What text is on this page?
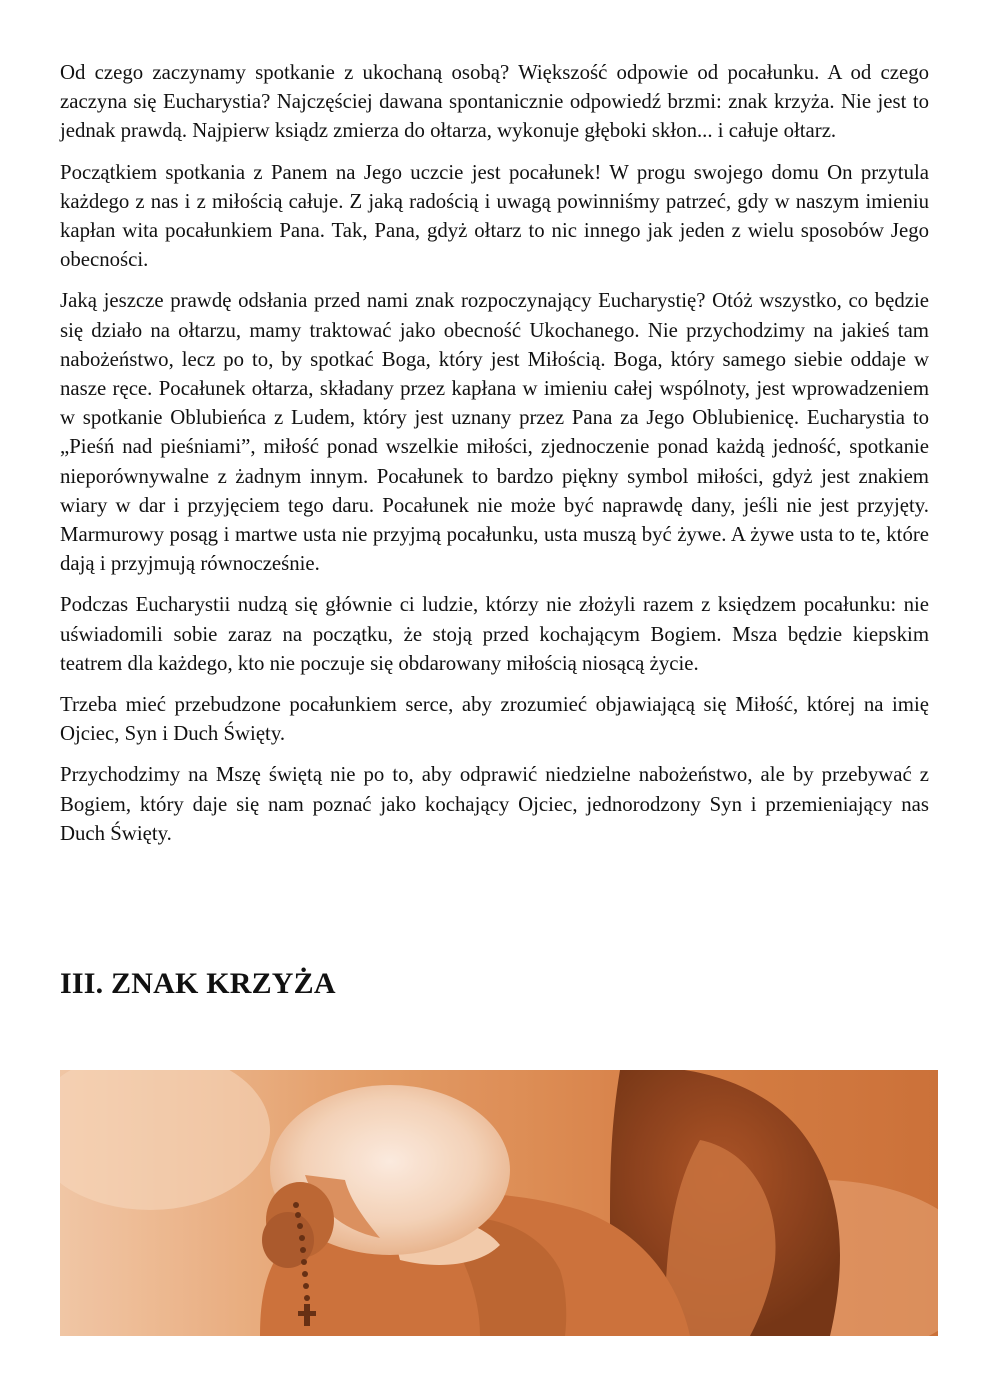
Od czego zaczynamy spotkanie z ukochaną osobą? Większość odpowie od pocałunku. A od czego zaczyna się Eucharystia? Najczęściej dawana spontanicznie odpowiedź brzmi: znak krzyża. Nie jest to jednak prawdą. Najpierw ksiądz zmierza do ołtarza, wykonuje głęboki skłon... i całuje ołtarz.

Początkiem spotkania z Panem na Jego uczcie jest pocałunek! W progu swojego domu On przytula każdego z nas i z miłością całuje. Z jaką radością i uwagą powinniśmy patrzeć, gdy w naszym imieniu kapłan wita pocałunkiem Pana. Tak, Pana, gdyż ołtarz to nic innego jak jeden z wielu sposobów Jego obecności.

Jaką jeszcze prawdę odsłania przed nami znak rozpoczynający Eucharystię? Otóż wszystko, co będzie się działo na ołtarzu, mamy traktować jako obecność Ukochanego. Nie przychodzimy na jakieś tam nabożeństwo, lecz po to, by spotkać Boga, który jest Miłością. Boga, który samego siebie oddaje w nasze ręce. Pocałunek ołtarza, składany przez kapłana w imieniu całej wspólnoty, jest wprowadzeniem w spotkanie Oblubieńca z Ludem, który jest uznany przez Pana za Jego Oblubienicę. Eucharystia to „Pieśń nad pieśniami”, miłość ponad wszelkie miłości, zjednoczenie ponad każdą jedność, spotkanie nieporównywalne z żadnym innym. Pocałunek to bardzo piękny symbol miłości, gdyż jest znakiem wiary w dar i przyjęciem tego daru. Pocałunek nie może być naprawdę dany, jeśli nie jest przyjęty. Marmurowy posąg i martwe usta nie przyjmą pocałunku, usta muszą być żywe. A żywe usta to te, które dają i przyjmują równocześnie.

Podczas Eucharystii nudzą się głównie ci ludzie, którzy nie złożyli razem z księdzem pocałunku: nie uświadomili sobie zaraz na początku, że stoją przed kochającym Bogiem. Msza będzie kiepskim teatrem dla każdego, kto nie poczuje się obdarowany miłością niosącą życie.

Trzeba mieć przebudzone pocałunkiem serce, aby zrozumieć objawiającą się Miłość, której na imię Ojciec, Syn i Duch Święty.

Przychodzimy na Mszę świętą nie po to, aby odprawić niedzielne nabożeństwo, ale by przebywać z Bogiem, który daje się nam poznać jako kochający Ojciec, jednorodzony Syn i przemieniający nas Duch Święty.

III. ZNAK KRZYŻA
